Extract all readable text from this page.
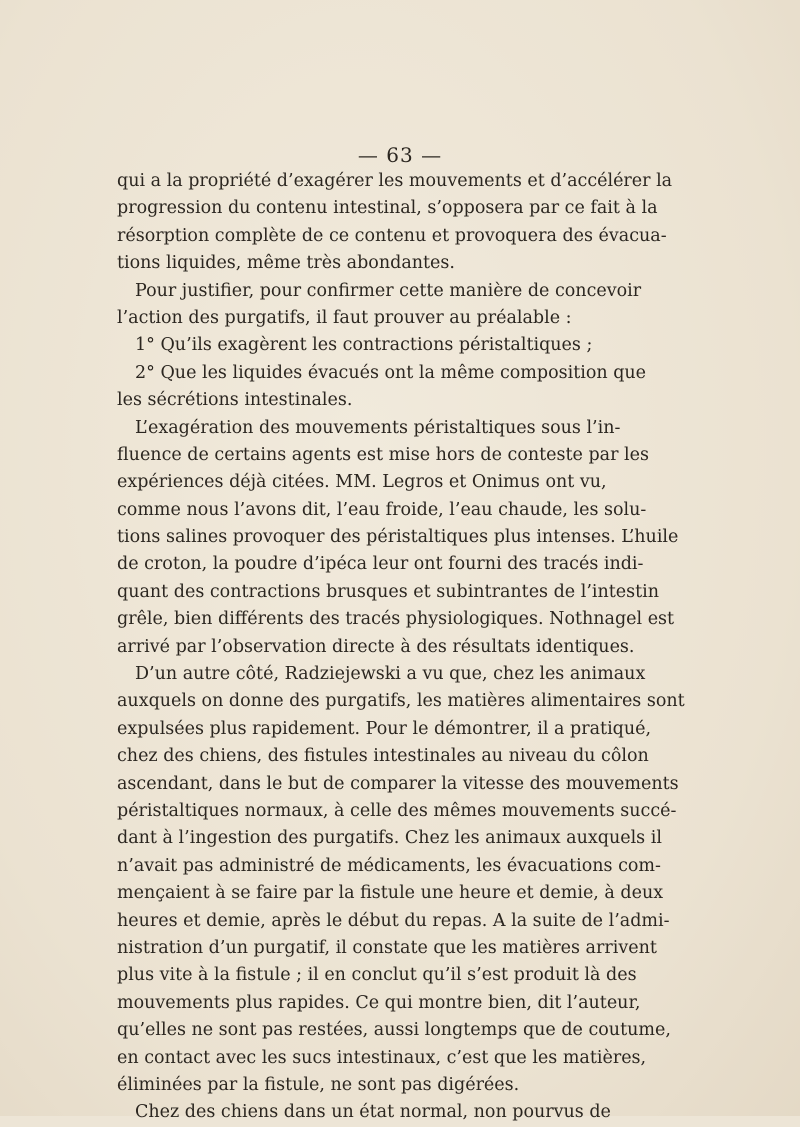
— 63 —
qui a la propriété d’exagérer les mouvements et d’accélérer la
progression du contenu intestinal, s’opposera par ce fait à la
résorption complète de ce contenu et provoquera des évacua-
tions liquides, même très abondantes.
Pour justifier, pour confirmer cette manière de concevoir
l’action des purgatifs, il faut prouver au préalable :
1° Qu’ils exagèrent les contractions péristaltiques ;
2° Que les liquides évacués ont la même composition que
les sécrétions intestinales.
L’exagération des mouvements péristaltiques sous l’in-
fluence de certains agents est mise hors de conteste par les
expériences déjà citées. MM. Legros et Onimus ont vu,
comme nous l’avons dit, l’eau froide, l’eau chaude, les solu-
tions salines provoquer des péristaltiques plus intenses. L’huile
de croton, la poudre d’ipéca leur ont fourni des tracés indi-
quant des contractions brusques et subintrantes de l’intestin
grêle, bien différents des tracés physiologiques. Nothnagel est
arrivé par l’observation directe à des résultats identiques.
D’un autre côté, Radziejewski a vu que, chez les animaux
auxquels on donne des purgatifs, les matières alimentaires sont
expulsées plus rapidement. Pour le démontrer, il a pratiqué,
chez des chiens, des fistules intestinales au niveau du côlon
ascendant, dans le but de comparer la vitesse des mouvements
péristaltiques normaux, à celle des mêmes mouvements succé-
dant à l’ingestion des purgatifs. Chez les animaux auxquels il
n’avait pas administré de médicaments, les évacuations com-
mençaient à se faire par la fistule une heure et demie, à deux
heures et demie, après le début du repas. A la suite de l’admi-
nistration d’un purgatif, il constate que les matières arrivent
plus vite à la fistule ; il en conclut qu’il s’est produit là des
mouvements plus rapides. Ce qui montre bien, dit l’auteur,
qu’elles ne sont pas restées, aussi longtemps que de coutume,
en contact avec les sucs intestinaux, c’est que les matières,
éliminées par la fistule, ne sont pas digérées.
Chez des chiens dans un état normal, non pourvus de
